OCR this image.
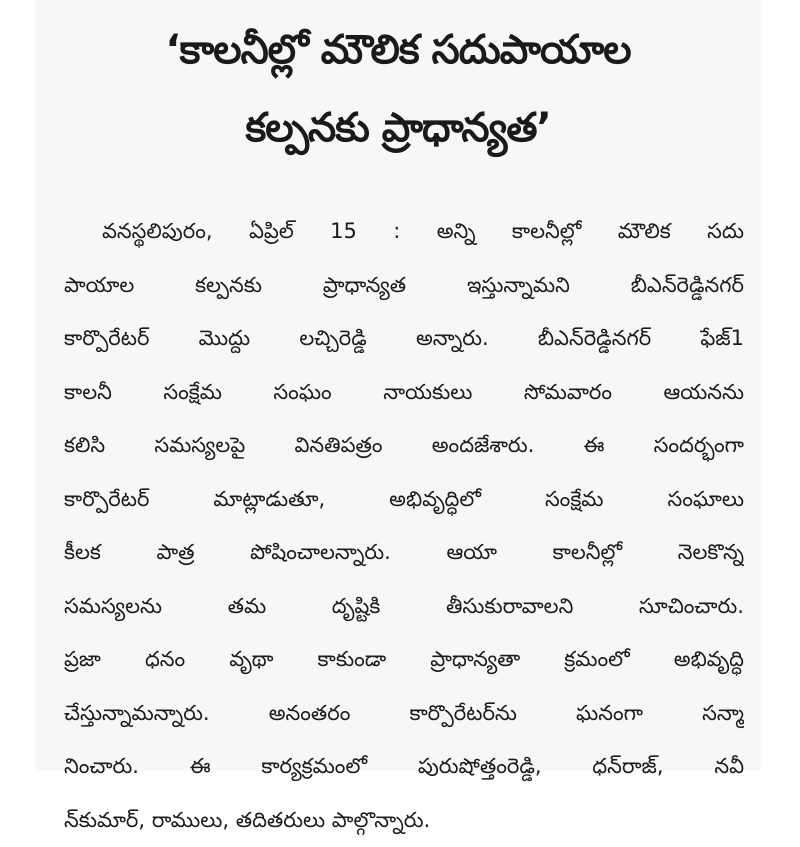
‘కాలనీల్లో మౌలిక సదుపాయాల
కల్పనకు ప్రాధాన్యత’
వనస్థలిపురం, ఏప్రిల్ 15 : అన్ని కాలనీల్లో మౌలిక సదు
పాయాల కల్పనకు ప్రాధాన్యత ఇస్తున్నామని బీఎన్‌రెడ్డినగర్
కార్పొరేటర్ మొద్దు లచ్చిరెడ్డి అన్నారు. బీఎన్‌రెడ్డినగర్ ఫేజ్1
కాలనీ సంక్షేమ సంఘం నాయకులు సోమవారం ఆయనను
కలిసి సమస్యలపై వినతిపత్రం అందజేశారు. ఈ సందర్భంగా
కార్పొరేటర్ మాట్లాడుతూ, అభివృద్ధిలో సంక్షేమ సంఘాలు
కీలక పాత్ర పోషించాలన్నారు. ఆయా కాలనీల్లో నెలకొన్న
సమస్యలను తమ దృష్టికి తీసుకురావాలని సూచించారు.
ప్రజా ధనం వృథా కాకుండా ప్రాధాన్యతా క్రమంలో అభివృద్ధి
చేస్తున్నామన్నారు. అనంతరం కార్పొరేటర్‌ను ఘనంగా సన్మా
నించారు. ఈ కార్యక్రమంలో పురుషోత్తంరెడ్డి, ధన్‌రాజ్, నవీ
న్‌కుమార్, రాములు, తదితరులు పాల్గొన్నారు.
